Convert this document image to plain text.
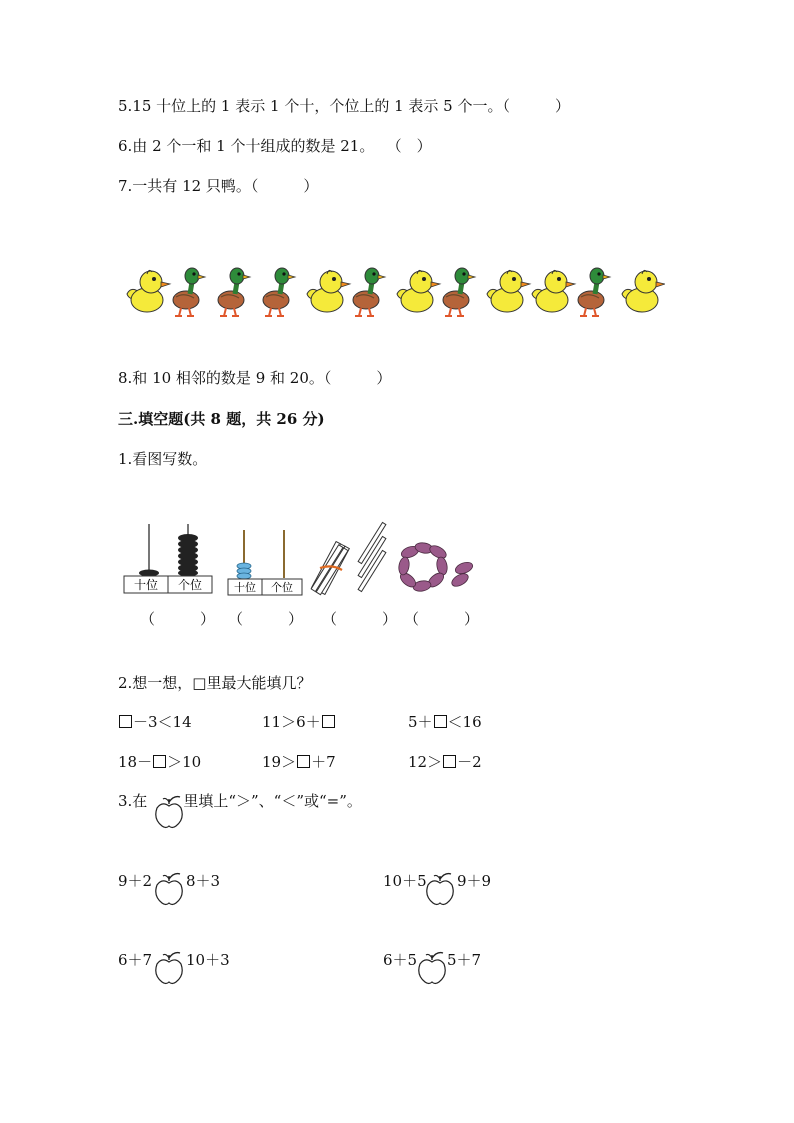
5.15 十位上的 1 表示 1 个十，个位上的 1 表示 5 个一。（　　　）
6.由 2 个一和 1 个十组成的数是 21。　 （　）
7.一共有 12 只鸭。（　　　）
8.和 10 相邻的数是 9 和 20。（　　　）
三.填空题(共 8 题，共 26 分)
1.看图写数。
十位 个位	十位 个位
（　　　） （　　　） （　　　） （　　　）
2.想一想，□里最大能填几？
－3＜14	11＞6＋	5＋ ＜16
18－ ＞10	19＞ ＋7	12＞ －2
3.在 里填上“＞”、“＜”或“=”。
9＋2 8＋3	10＋5 9＋9
6＋7 10＋3	6＋5 5＋7
